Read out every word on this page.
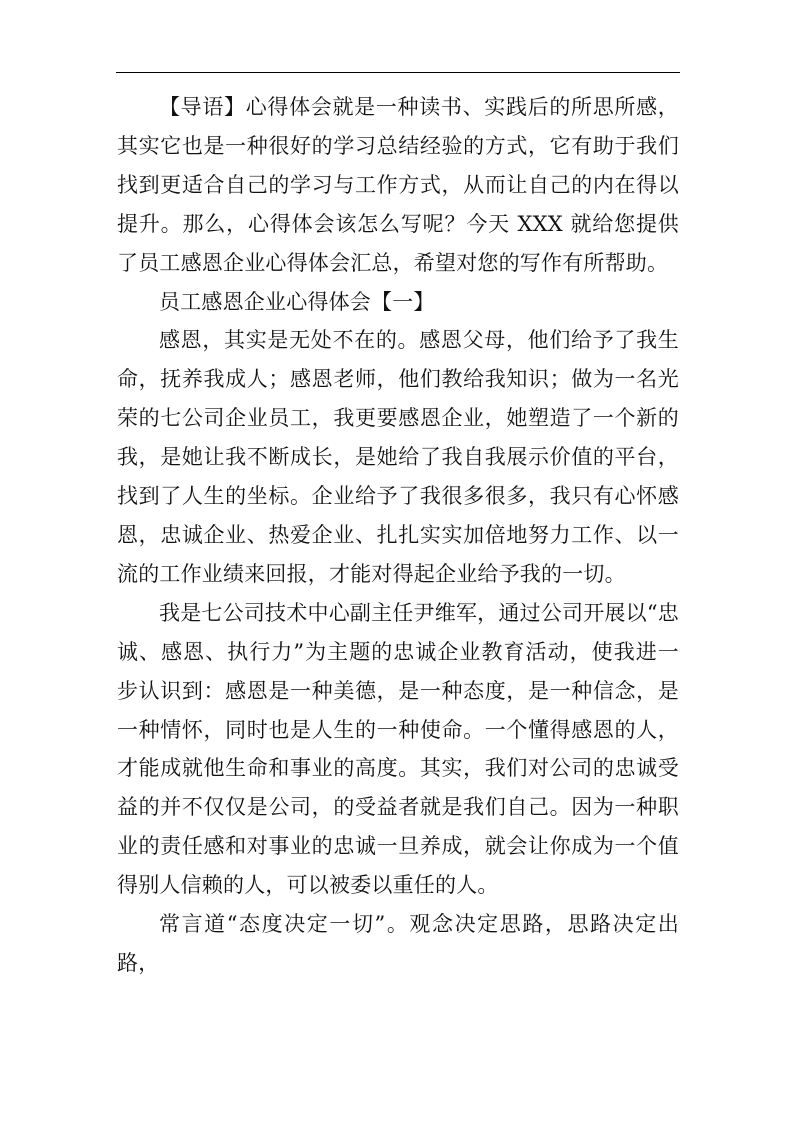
【导语】心得体会就是一种读书、实践后的所思所感，其实它也是一种很好的学习总结经验的方式，它有助于我们找到更适合自己的学习与工作方式，从而让自己的内在得以提升。那么，心得体会该怎么写呢？今天 XXX 就给您提供了员工感恩企业心得体会汇总，希望对您的写作有所帮助。

员工感恩企业心得体会【一】

感恩，其实是无处不在的。感恩父母，他们给予了我生命，抚养我成人；感恩老师，他们教给我知识；做为一名光荣的七公司企业员工，我更要感恩企业，她塑造了一个新的我，是她让我不断成长，是她给了我自我展示价值的平台，找到了人生的坐标。企业给予了我很多很多，我只有心怀感恩，忠诚企业、热爱企业、扎扎实实加倍地努力工作、以一流的工作业绩来回报，才能对得起企业给予我的一切。

我是七公司技术中心副主任尹维军，通过公司开展以“忠诚、感恩、执行力”为主题的忠诚企业教育活动，使我进一步认识到：感恩是一种美德，是一种态度，是一种信念，是一种情怀，同时也是人生的一种使命。一个懂得感恩的人，才能成就他生命和事业的高度。其实，我们对公司的忠诚受益的并不仅仅是公司，的受益者就是我们自己。因为一种职业的责任感和对事业的忠诚一旦养成，就会让你成为一个值得别人信赖的人，可以被委以重任的人。

常言道“态度决定一切”。观念决定思路，思路决定出路，
